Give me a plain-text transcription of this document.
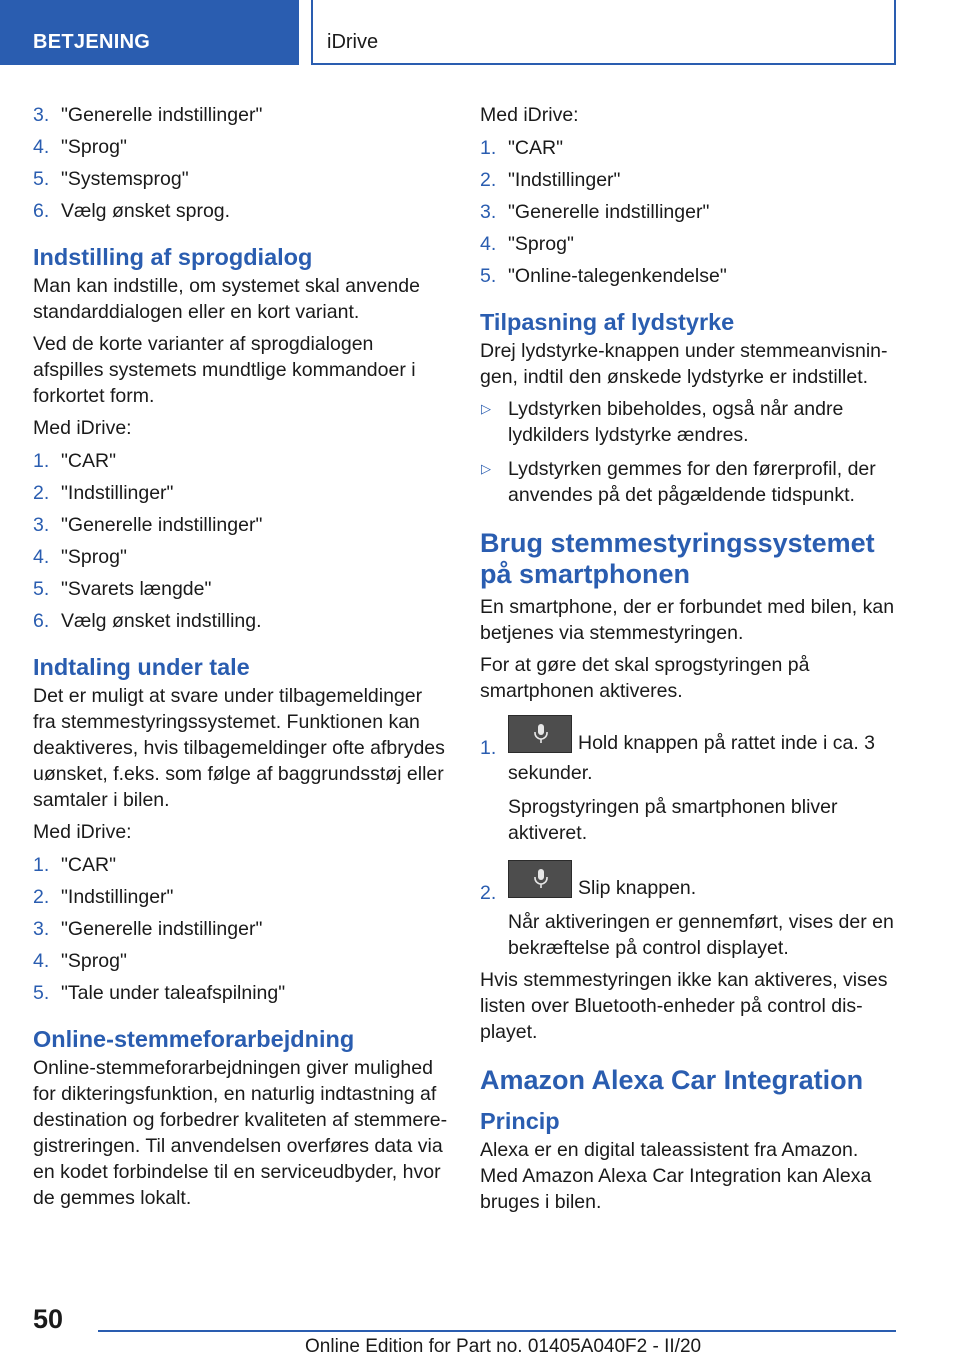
BETJENING	iDrive
3. "Generelle indstillinger"
4. "Sprog"
5. "Systemsprog"
6. Vælg ønsket sprog.
Indstilling af sprogdialog

Man kan indstille, om systemet skal anvende standarddialogen eller en kort variant.

Ved de korte varianter af sprogdialogen afspilles systemets mundtlige kommandoer i forkortet form.

Med iDrive:

1. "CAR"
2. "Indstillinger"
3. "Generelle indstillinger"
4. "Sprog"
5. "Svarets længde"
6. Vælg ønsket indstilling.
Indtaling under tale

Det er muligt at svare under tilbagemeldinger fra stemmestyringssystemet. Funktionen kan deaktiveres, hvis tilbagemeldinger ofte afbrydes uønsket, f.eks. som følge af baggrundsstøj eller samtaler i bilen.

Med iDrive:

1. "CAR"
2. "Indstillinger"
3. "Generelle indstillinger"
4. "Sprog"
5. "Tale under taleafspilning"
Online-stemmeforarbejdning

Online-stemmeforarbejdningen giver mulighed for dikteringsfunktion, en naturlig indtastning af destination og forbedrer kvaliteten af stemmeregistreringen. Til anvendelsen overføres data via en kodet forbindelse til en serviceudbyder, hvor de gemmes lokalt.

Med iDrive:

1. "CAR"
2. "Indstillinger"
3. "Generelle indstillinger"
4. "Sprog"
5. "Online-talegenkendelse"
Tilpasning af lydstyrke

Drej lydstyrke-knappen under stemmeanvisningen, indtil den ønskede lydstyrke er indstillet.

▷ Lydstyrken bibeholdes, også når andre lydkilders lydstyrke ændres.
▷ Lydstyrken gemmes for den førerprofil, der anvendes på det pågældende tidspunkt.
Brug stemmestyringssystemet på smartphonen

En smartphone, der er forbundet med bilen, kan betjenes via stemmestyringen.

For at gøre det skal sprogstyringen på smartphonen aktiveres.

1.	Hold knappen på rattet inde i ca. 3 sekunder.

Sprogstyringen på smartphonen bliver aktiveret.

2.	Slip knappen.

Når aktiveringen er gennemført, vises der en bekræftelse på control displayet.

Hvis stemmestyringen ikke kan aktiveres, vises listen over Bluetooth-enheder på control displayet.

Amazon Alexa Car Integration
Princip

Alexa er en digital taleassistent fra Amazon. Med Amazon Alexa Car Integration kan Alexa bruges i bilen.

50
Online Edition for Part no. 01405A040F2 - II/20
